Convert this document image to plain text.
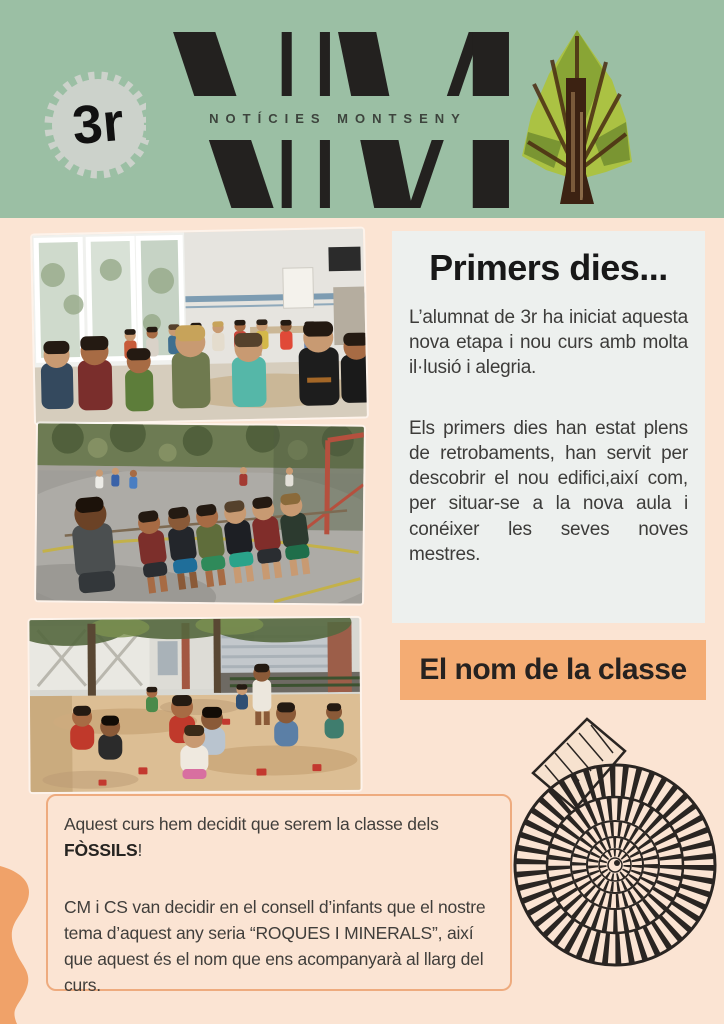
3r	NOTÍCIES MONTSENY
Primers dies...

L’alumnat de 3r ha iniciat aquesta nova etapa i nou curs amb molta il·lusió i alegria.

Els primers dies han estat plens de retrobaments, han servit per descobrir el nou edifici,així com, per situar-se a la nova aula i conéixer les seves noves mestres.

El nom de la classe

Aquest curs hem decidit que serem la classe dels
FÒSSILS!

CM i CS van decidir en el consell d’infants que el nostre tema d’aquest any seria “ROQUES I MINERALS”, així que aquest és el nom que ens acompanyarà al llarg del curs.
